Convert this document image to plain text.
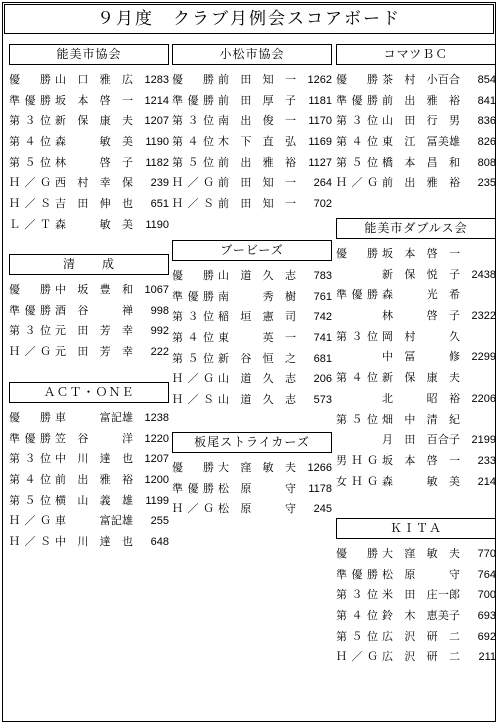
９月度　クラブ月例会スコアボード
能美市協会
優　勝 山　口　雅　広	1283
準優勝 坂　本　啓　一	1214
第３位 新　保　康　夫	1207
第４位 森　　　敏　美	1190
第５位 林　　　啓　子	1182
Ｈ／Ｇ 西　村　幸　保	239
Ｈ／Ｓ 吉　田　伸　也	651
Ｌ／Ｔ 森　　　敏　美	1190
清　　成
優　勝 中　坂　豊　和	1067
準優勝 酒　谷　　　禅	998
第３位 元　田　芳　幸	992
Ｈ／Ｇ 元　田　芳　幸	222
ＡＣＴ・ＯＮＥ
優　勝 車　　　富記雄	1238
準優勝 笠　谷　　　洋	1220
第３位 中　川　達　也	1207
第４位 前　出　雅　裕	1200
第５位 横　山　義　雄	1199
Ｈ／Ｇ 車　　　富記雄	255
Ｈ／Ｓ 中　川　達　也	648
小松市協会
優　勝 前　田　知　一	1262
準優勝 前　田　厚　子	1181
第３位 南　出　俊　一	1170
第４位 木　下　直　弘	1169
第５位 前　出　雅　裕	1127
Ｈ／Ｇ 前　田　知　一	264
Ｈ／Ｓ 前　田　知　一	702
ブービーズ
優　勝 山　道　久　志	783
準優勝 南　　　秀　樹	761
第３位 稲　垣　憲　司	742
第４位 東　　　英　一	741
第５位 新　谷　恒　之	681
Ｈ／Ｇ 山　道　久　志	206
Ｈ／Ｓ 山　道　久　志	573
板尾ストライカーズ
優　勝 大　窪　敏　夫	1266
準優勝 松　原　　　守	1178
Ｈ／Ｇ 松　原　　　守	245
コマツＢＣ
優　勝 茶　村　小百合	854
準優勝 前　出　雅　裕	841
第３位 山　田　行　男	836
第４位 東　江　冨美雄	826
第５位 橋　本　昌　和	808
Ｈ／Ｇ 前　出　雅　裕	235
能美市ダブルス会
優　勝 坂　本　啓　一
新　保　悦　子	2438
準優勝 森　　　光　希
林　　　啓　子	2322
第３位 岡　村　　　久
中　冨　　　修	2299
第４位 新　保　康　夫
北　　　昭　裕	2206
第５位 畑　中　清　紀
月　田　百合子	2199
男ＨＧ 坂　本　啓　一	233
女ＨＧ 森　　　敏　美	214
ＫＩＴＡ
優　勝 大　窪　敏　夫	770
準優勝 松　原　　　守	764
第３位 米　田　庄一郎	700
第４位 鈴　木　恵美子	693
第５位 広　沢　研　二	692
Ｈ／Ｇ 広　沢　研　二	211
